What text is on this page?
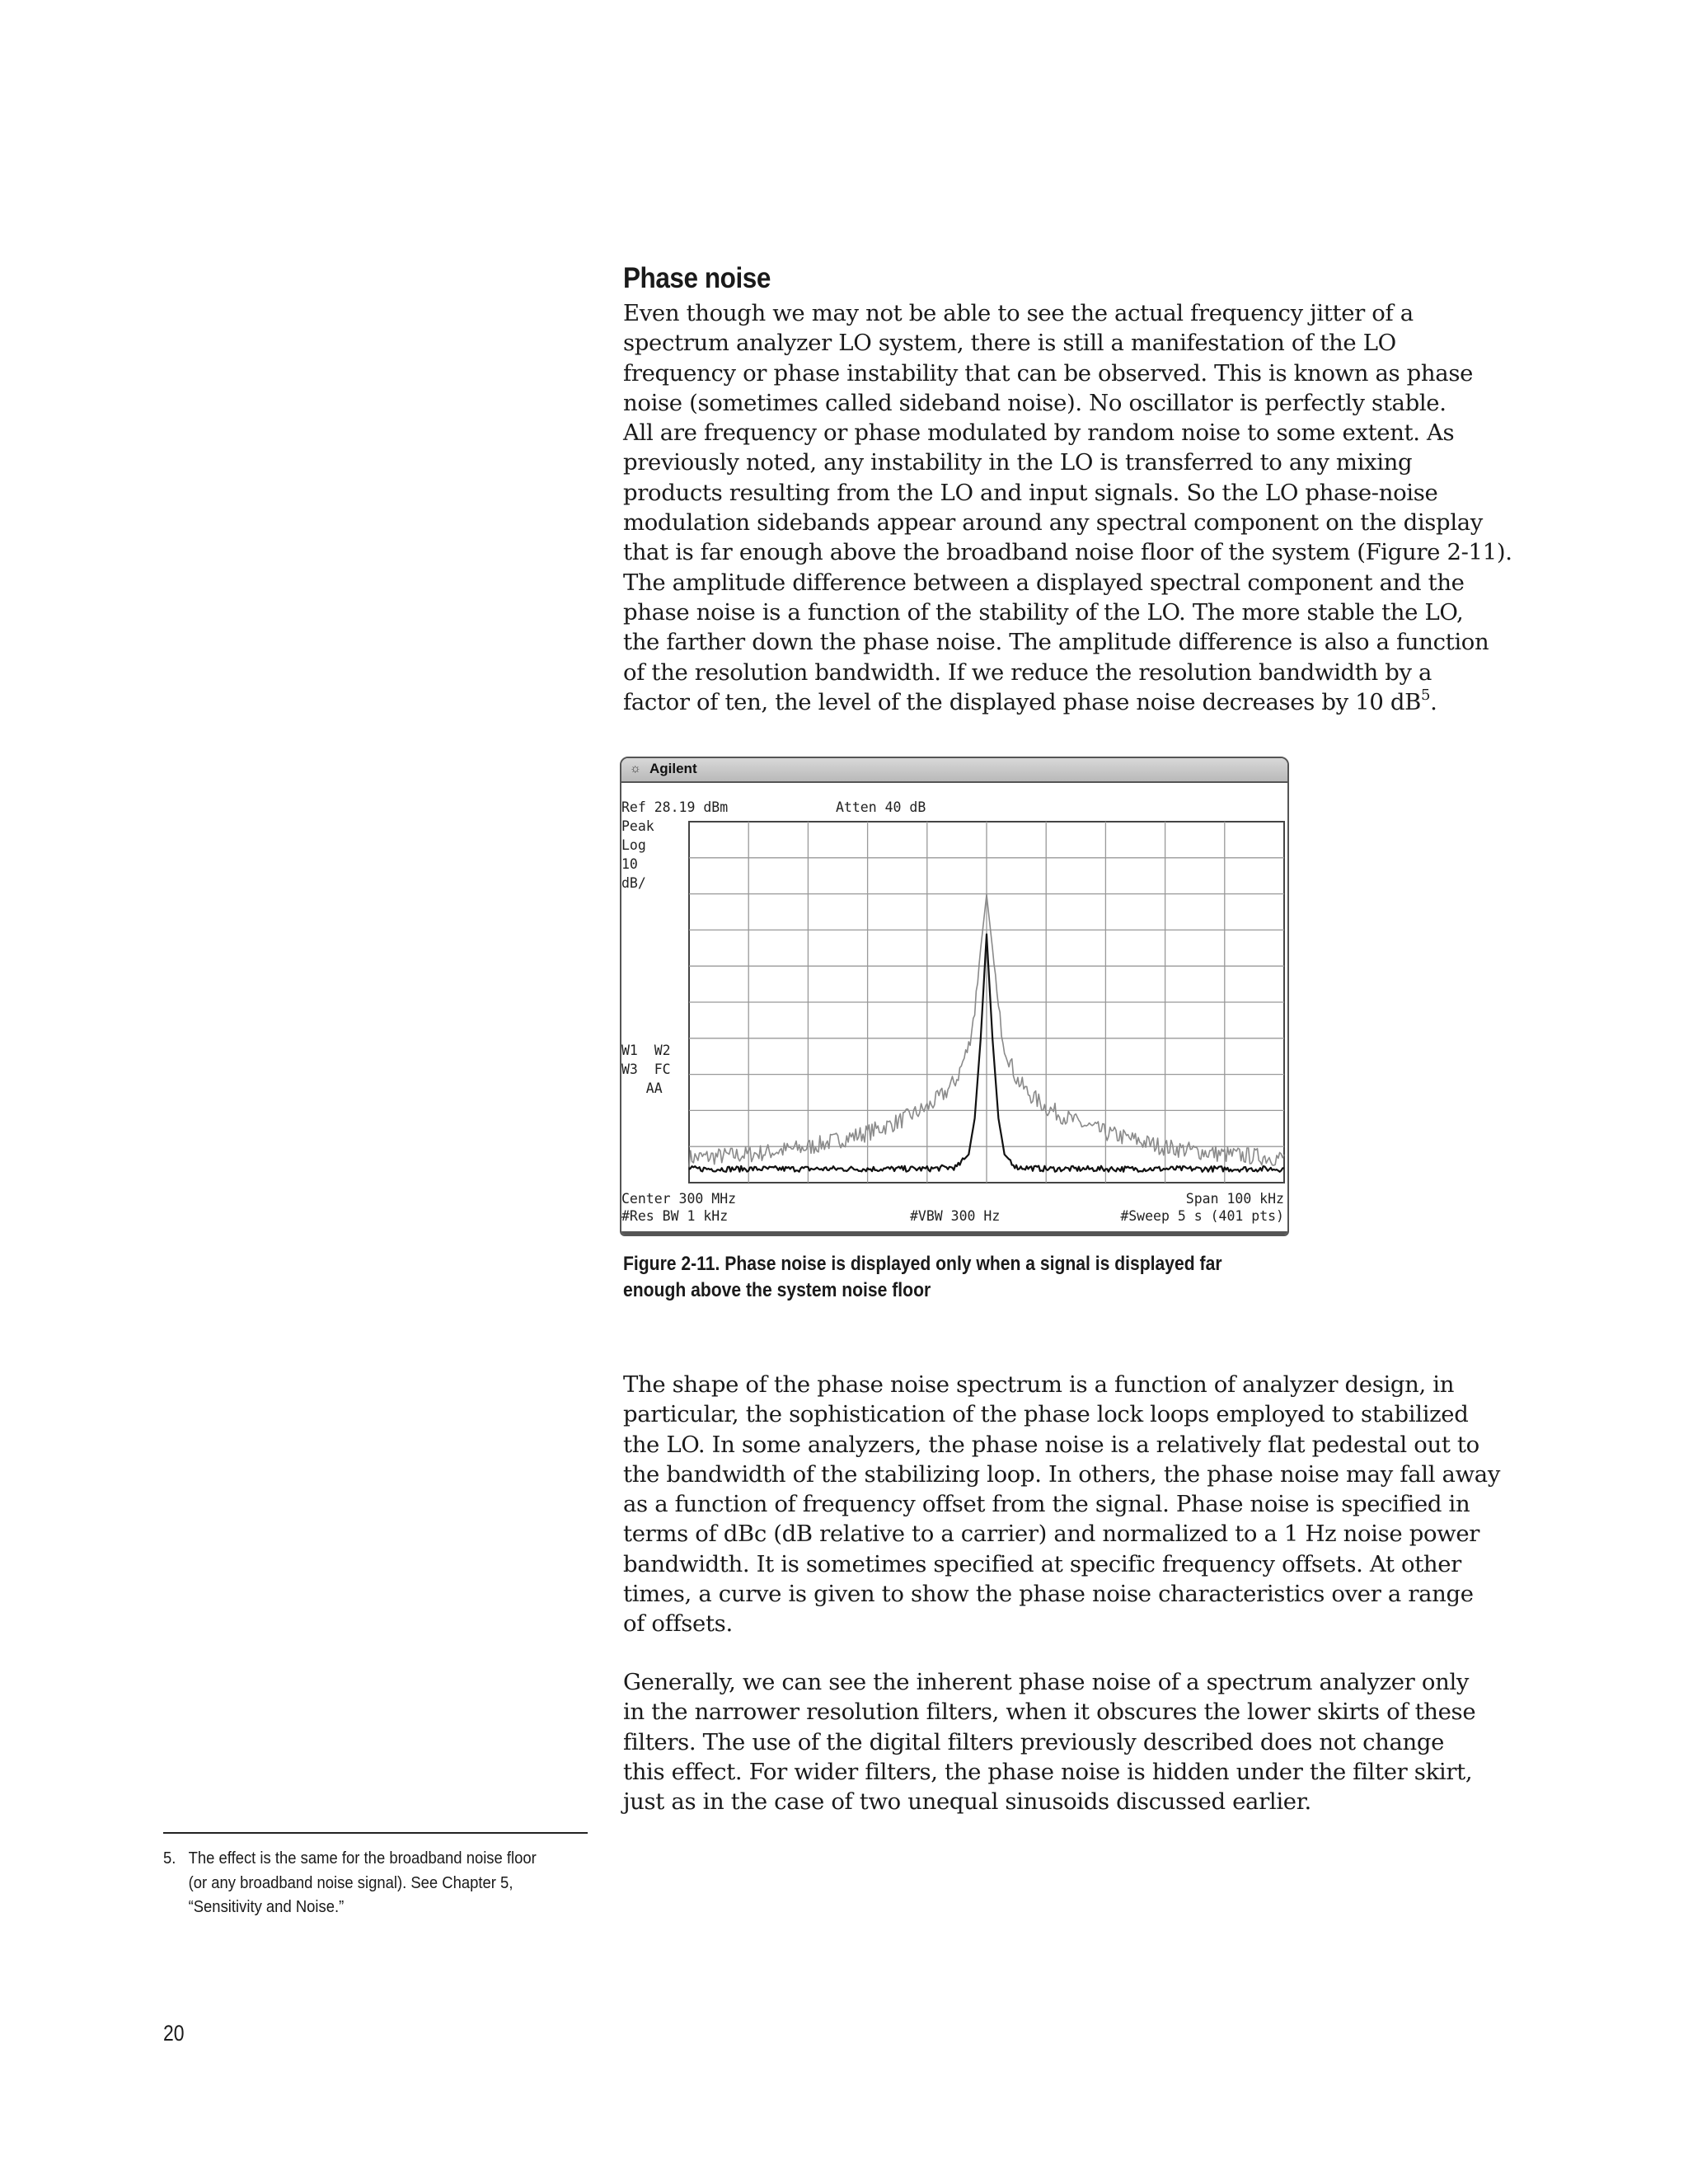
Phase noise
Even though we may not be able to see the actual frequency jitter of a
spectrum analyzer LO system, there is still a manifestation of the LO
frequency or phase instability that can be observed. This is known as phase
noise (sometimes called sideband noise). No oscillator is perfectly stable.
All are frequency or phase modulated by random noise to some extent. As
previously noted, any instability in the LO is transferred to any mixing
products resulting from the LO and input signals. So the LO phase-noise
modulation sidebands appear around any spectral component on the display
that is far enough above the broadband noise floor of the system (Figure 2-11).
The amplitude difference between a displayed spectral component and the
phase noise is a function of the stability of the LO. The more stable the LO,
the farther down the phase noise. The amplitude difference is also a function
of the resolution bandwidth. If we reduce the resolution bandwidth by a
factor of ten, the level of the displayed phase noise decreases by 10 $dB^5$.
☼ Agilent
Ref 28.19 dBm	Atten 40 dB
Peak
Log
10
dB/
W1  W2
W3  FC
AA
Center 300 MHz	Span 100 kHz
#Res BW 1 kHz	#VBW 300 Hz	#Sweep 5 s (401 pts)
Figure 2-11. Phase noise is displayed only when a signal is displayed far
enough above the system noise floor
The shape of the phase noise spectrum is a function of analyzer design, in
particular, the sophistication of the phase lock loops employed to stabilized
the LO. In some analyzers, the phase noise is a relatively flat pedestal out to
the bandwidth of the stabilizing loop. In others, the phase noise may fall away
as a function of frequency offset from the signal. Phase noise is specified in
terms of dBc (dB relative to a carrier) and normalized to a 1 Hz noise power
bandwidth. It is sometimes specified at specific frequency offsets. At other
times, a curve is given to show the phase noise characteristics over a range
of offsets.
Generally, we can see the inherent phase noise of a spectrum analyzer only
in the narrower resolution filters, when it obscures the lower skirts of these
filters. The use of the digital filters previously described does not change
this effect. For wider filters, the phase noise is hidden under the filter skirt,
just as in the case of two unequal sinusoids discussed earlier.
5. The effect is the same for the broadband noise floor
(or any broadband noise signal). See Chapter 5,
“Sensitivity and Noise.”
20
